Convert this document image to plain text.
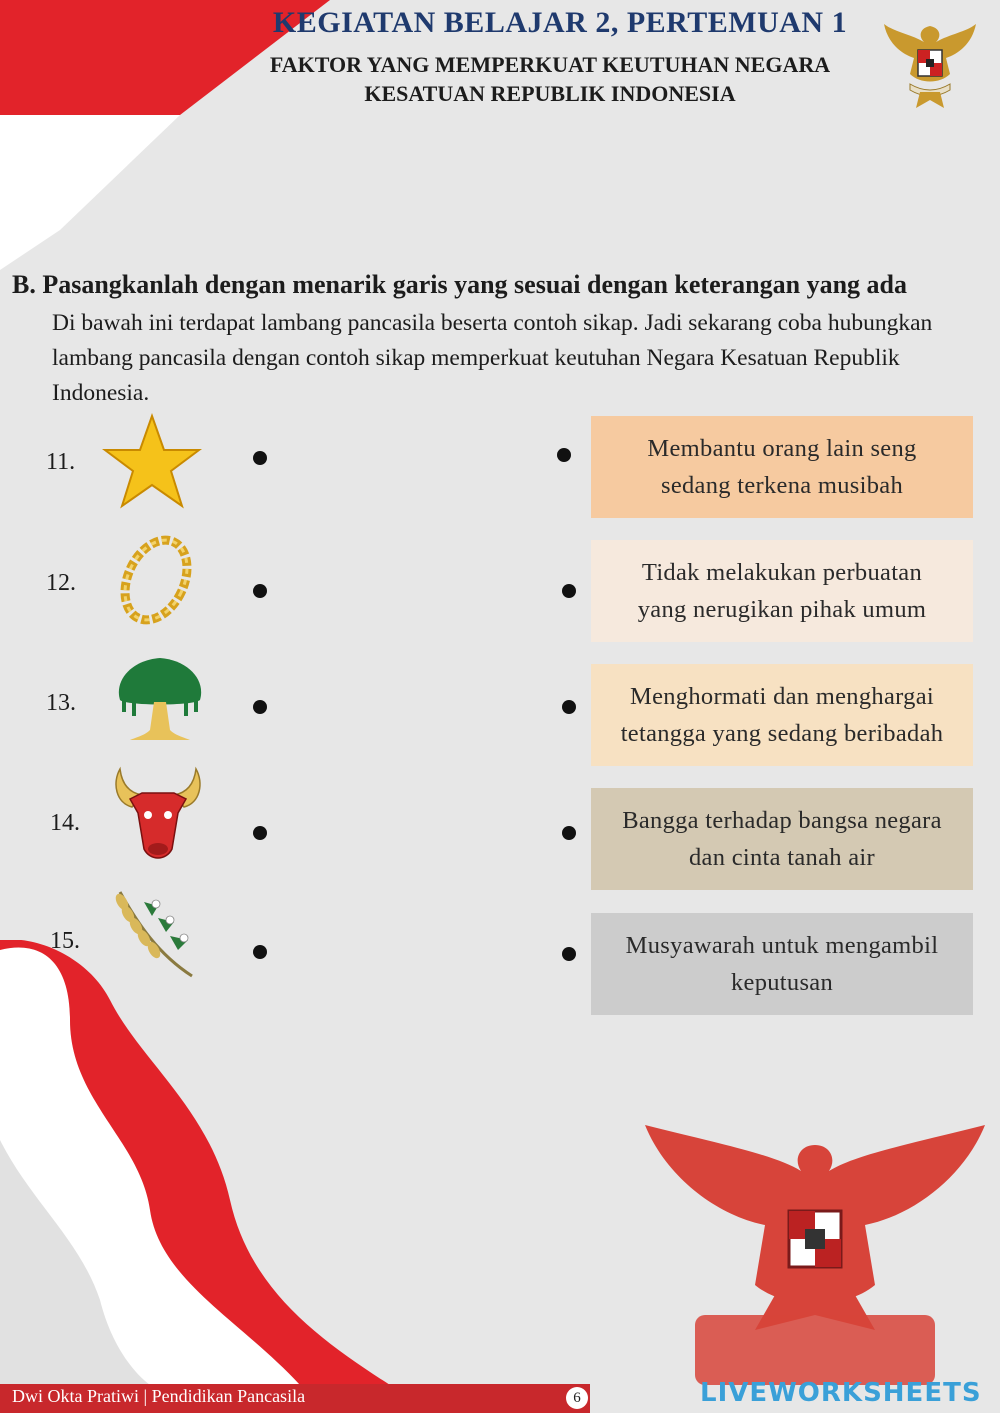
KEGIATAN BELAJAR 2, PERTEMUAN 1
FAKTOR YANG MEMPERKUAT KEUTUHAN NEGARA
KESATUAN REPUBLIK INDONESIA
B. Pasangkanlah dengan menarik garis yang sesuai dengan keterangan yang ada
Di bawah ini terdapat lambang pancasila beserta contoh sikap. Jadi sekarang coba hubungkan lambang pancasila dengan contoh sikap memperkuat keutuhan Negara Kesatuan Republik Indonesia.
11.	Membantu orang lain seng
sedang terkena musibah
12.	Tidak melakukan perbuatan
yang nerugikan pihak umum
13.	Menghormati dan menghargai
tetangga yang sedang beribadah
14.	Bangga terhadap bangsa negara
dan cinta tanah air
15.	Musyawarah untuk mengambil
keputusan
Dwi Okta Pratiwi | Pendidikan Pancasila	6	LIVEWORKSHEETS
